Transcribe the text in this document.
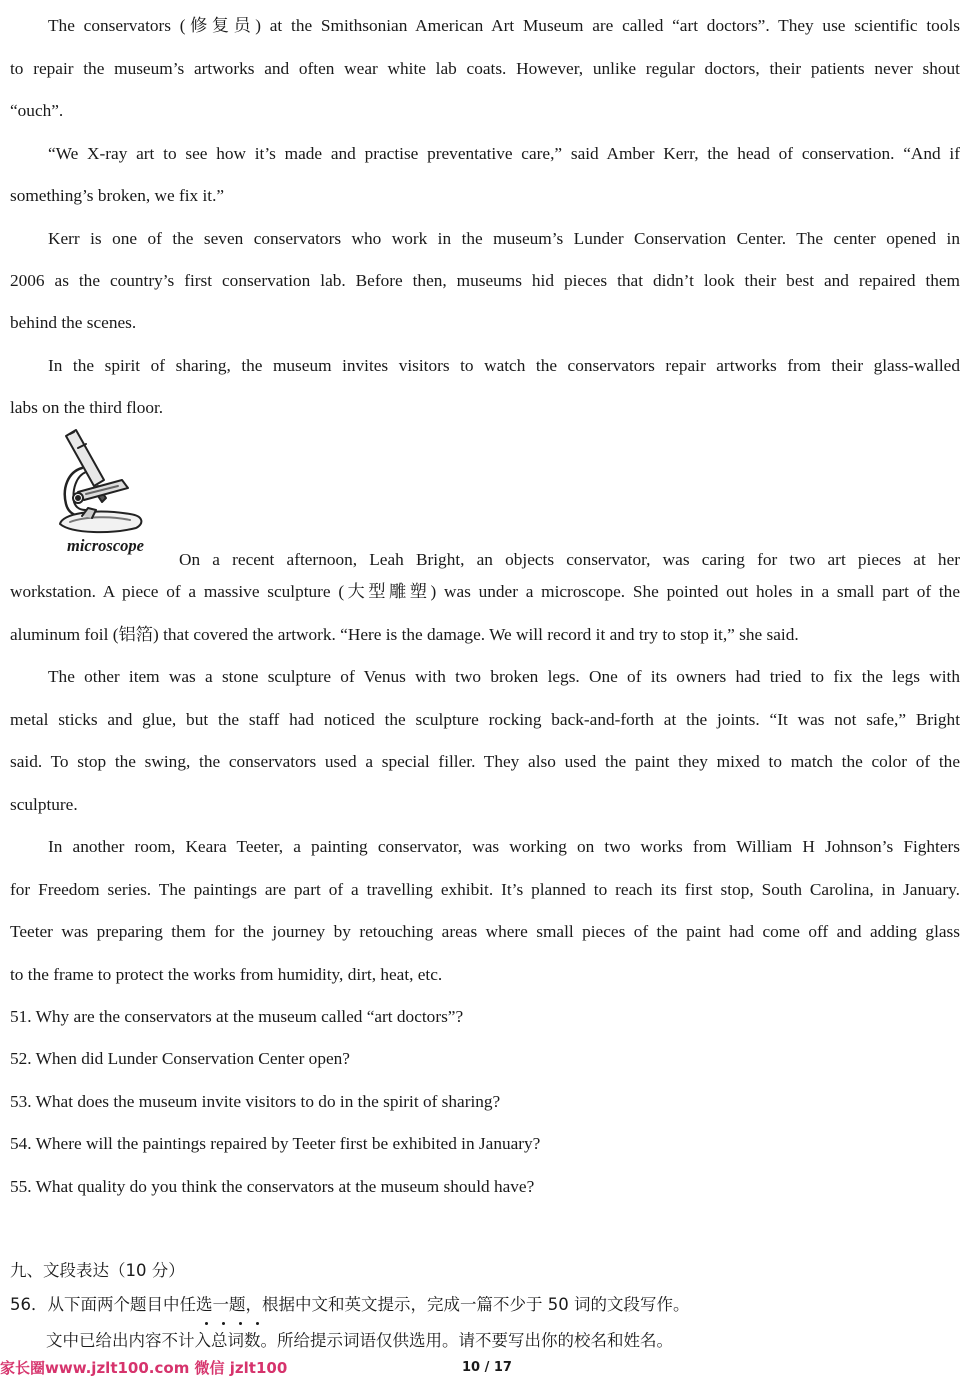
The conservators (修复员) at the Smithsonian American Art Museum are called “art doctors”. They use scientific tools

to repair the museum’s artworks and often wear white lab coats. However, unlike regular doctors, their patients never shout

“ouch”.

“We X-ray art to see how it’s made and practise preventative care,” said Amber Kerr, the head of conservation. “And if

something’s broken, we fix it.”

Kerr is one of the seven conservators who work in the museum’s Lunder Conservation Center. The center opened in

2006 as the country’s first conservation lab. Before then, museums hid pieces that didn’t look their best and repaired them

behind the scenes.

In the spirit of sharing, the museum invites visitors to watch the conservators repair artworks from their glass-walled

labs on the third floor.

microscope

On a recent afternoon, Leah Bright, an objects conservator, was caring for two art pieces at her

workstation. A piece of a massive sculpture (大型雕塑) was under a microscope. She pointed out holes in a small part of the

aluminum foil (铝箔) that covered the artwork. “Here is the damage. We will record it and try to stop it,” she said.

The other item was a stone sculpture of Venus with two broken legs. One of its owners had tried to fix the legs with

metal sticks and glue, but the staff had noticed the sculpture rocking back-and-forth at the joints. “It was not safe,” Bright

said. To stop the swing, the conservators used a special filler. They also used the paint they mixed to match the color of the

sculpture.

In another room, Keara Teeter, a painting conservator, was working on two works from William H Johnson’s Fighters

for Freedom series. The paintings are part of a travelling exhibit. It’s planned to reach its first stop, South Carolina, in January.

Teeter was preparing them for the journey by retouching areas where small pieces of the paint had come off and adding glass

to the frame to protect the works from humidity, dirt, heat, etc.

51. Why are the conservators at the museum called “art doctors”?

52. When did Lunder Conservation Center open?

53. What does the museum invite visitors to do in the spirit of sharing?

54. Where will the paintings repaired by Teeter first be exhibited in January?

55. What quality do you think the conservators at the museum should have?

九、文段表达（10 分）

56．从下面两个题目中任选一题，根据中文和英文提示，完成一篇不少于 50 词的文段写作。

文中已给出内容不计入总词数。所给提示词语仅供选用。请不要写出你的校名和姓名。

家长圈www.jzlt100.com 微信 jzlt100	10 / 17
